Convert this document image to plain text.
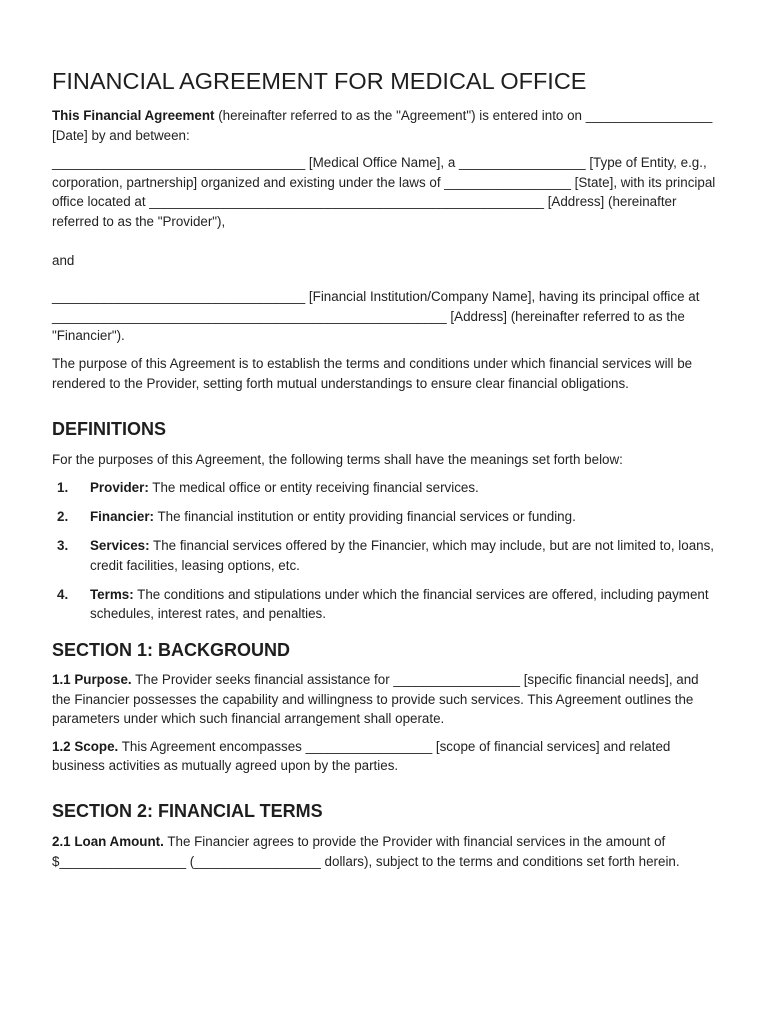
FINANCIAL AGREEMENT FOR MEDICAL OFFICE

This Financial Agreement (hereinafter referred to as the "Agreement") is entered into on _________________ [Date] by and between:

__________________________________ [Medical Office Name], a _________________ [Type of Entity, e.g., corporation, partnership] organized and existing under the laws of _________________ [State], with its principal office located at _____________________________________________________ [Address] (hereinafter referred to as the "Provider"),

and

__________________________________ [Financial Institution/Company Name], having its principal office at _____________________________________________________ [Address] (hereinafter referred to as the "Financier").

The purpose of this Agreement is to establish the terms and conditions under which financial services will be rendered to the Provider, setting forth mutual understandings to ensure clear financial obligations.

DEFINITIONS

For the purposes of this Agreement, the following terms shall have the meanings set forth below:

1.	Provider: The medical office or entity receiving financial services.
2.	Financier: The financial institution or entity providing financial services or funding.
3.	Services: The financial services offered by the Financier, which may include, but are not limited to, loans, credit facilities, leasing options, etc.
4.	Terms: The conditions and stipulations under which the financial services are offered, including payment schedules, interest rates, and penalties.
SECTION 1: BACKGROUND

1.1 Purpose. The Provider seeks financial assistance for _________________ [specific financial needs], and the Financier possesses the capability and willingness to provide such services. This Agreement outlines the parameters under which such financial arrangement shall operate.

1.2 Scope. This Agreement encompasses _________________ [scope of financial services] and related business activities as mutually agreed upon by the parties.

SECTION 2: FINANCIAL TERMS

2.1 Loan Amount. The Financier agrees to provide the Provider with financial services in the amount of $_________________ (_________________ dollars), subject to the terms and conditions set forth herein.
